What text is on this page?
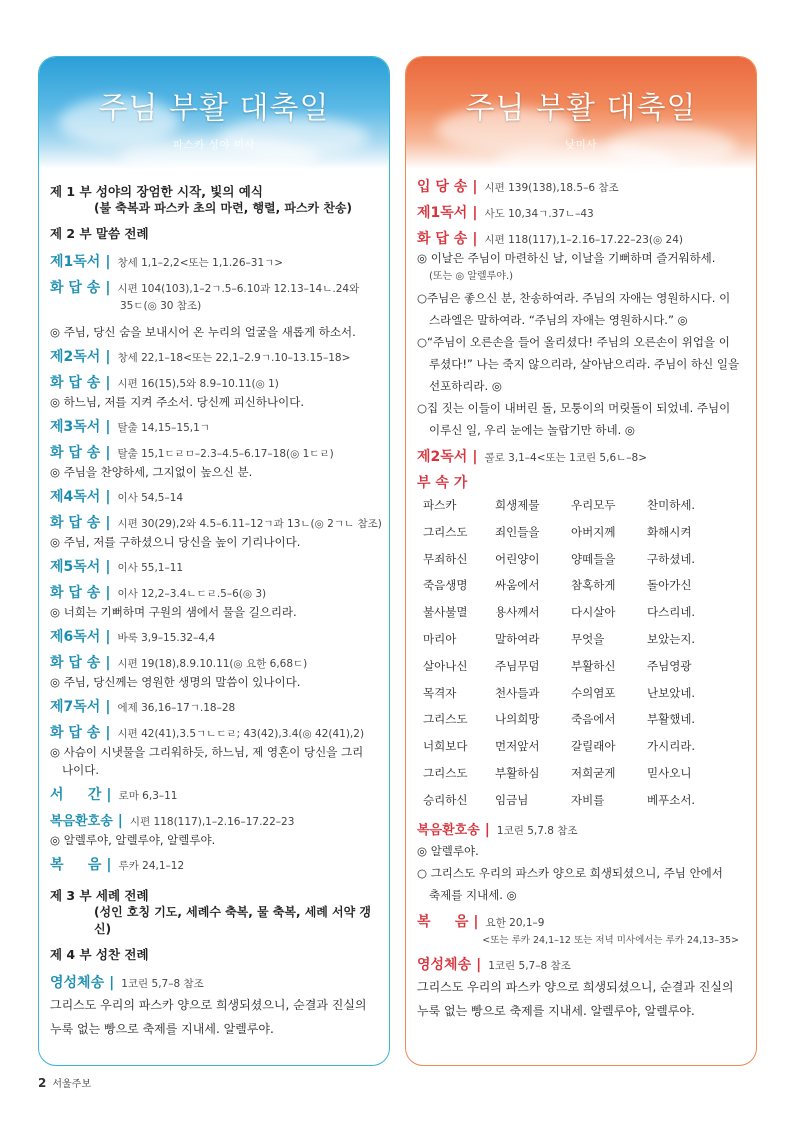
주님 부활 대축일
파스카 성야 미사
제 1 부 성야의 장엄한 시작, 빛의 예식
(불 축복과 파스카 초의 마련, 행렬, 파스카 찬송)
제 2 부 말씀 전례
제1독서 | 창세 1,1–2,2<또는 1,1.26–31ㄱ>
화 답 송 | 시편 104(103),1–2ㄱ.5–6.10과 12.13–14ㄴ.24와
35ㄷ(◎ 30 참조)
◎ 주님, 당신 숨을 보내시어 온 누리의 얼굴을 새롭게 하소서.
제2독서 | 창세 22,1–18<또는 22,1–2.9ㄱ.10–13.15–18>
화 답 송 | 시편 16(15),5와 8.9–10.11(◎ 1)
◎ 하느님, 저를 지켜 주소서. 당신께 피신하나이다.
제3독서 | 탈출 14,15–15,1ㄱ
화 답 송 | 탈출 15,1ㄷㄹㅁ–2.3–4.5–6.17–18(◎ 1ㄷㄹ)
◎ 주님을 찬양하세, 그지없이 높으신 분.
제4독서 | 이사 54,5–14
화 답 송 | 시편 30(29),2와 4.5–6.11–12ㄱ과 13ㄴ(◎ 2ㄱㄴ 참조)
◎ 주님, 저를 구하셨으니 당신을 높이 기리나이다.
제5독서 | 이사 55,1–11
화 답 송 | 이사 12,2–3.4ㄴㄷㄹ.5–6(◎ 3)
◎ 너희는 기뻐하며 구원의 샘에서 물을 길으리라.
제6독서 | 바룩 3,9–15.32–4,4
화 답 송 | 시편 19(18),8.9.10.11(◎ 요한 6,68ㄷ)
◎ 주님, 당신께는 영원한 생명의 말씀이 있나이다.
제7독서 | 에제 36,16–17ㄱ.18–28
화 답 송 | 시편 42(41),3.5ㄱㄴㄷㄹ; 43(42),3.4(◎ 42(41),2)
◎ 사슴이 시냇물을 그리워하듯, 하느님, 제 영혼이 당신을 그리
나이다.
서     간 | 로마 6,3–11
복음환호송 | 시편 118(117),1–2.16–17.22–23
◎ 알렐루야, 알렐루야, 알렐루야.
복     음 | 루카 24,1–12
제 3 부 세례 전례
(성인 호칭 기도, 세례수 축복, 물 축복, 세례 서약 갱신)
제 4 부 성찬 전례
영성체송 | 1코린 5,7–8 참조
그리스도 우리의 파스카 양으로 희생되셨으니, 순결과 진실의
누룩 없는 빵으로 축제를 지내세. 알렐루야.
주님 부활 대축일
낮미사
입 당 송 | 시편 139(138),18.5–6 참조
제1독서 | 사도 10,34ㄱ.37ㄴ–43
화 답 송 | 시편 118(117),1–2.16–17.22–23(◎ 24)
◎ 이날은 주님이 마련하신 날, 이날을 기뻐하며 즐거워하세.
(또는 ◎ 알렐루야.)
○주님은 좋으신 분, 찬송하여라. 주님의 자애는 영원하시다. 이
스라엘은 말하여라. “주님의 자애는 영원하시다.” ◎
○“주님이 오른손을 들어 올리셨다! 주님의 오른손이 위업을 이
루셨다!” 나는 죽지 않으리라, 살아남으리라. 주님이 하신 일을
선포하리라. ◎
○집 짓는 이들이 내버린 돌, 모퉁이의 머릿돌이 되었네. 주님이
이루신 일, 우리 눈에는 놀랍기만 하네. ◎
제2독서 | 콜로 3,1–4<또는 1코린 5,6ㄴ–8>
부 속 가
파스카	희생제물	우리모두	찬미하세.
그리스도	죄인들을	아버지께	화해시켜
무죄하신	어린양이	양떼들을	구하셨네.
죽음생명	싸움에서	참혹하게	돌아가신
불사불멸	용사께서	다시살아	다스리네.
마리아	말하여라	무엇을	보았는지.
살아나신	주님무덤	부활하신	주님영광
목격자	천사들과	수의염포	난보았네.
그리스도	나의희망	죽음에서	부활했네.
너희보다	먼저앞서	갈릴래아	가시리라.
그리스도	부활하심	저희굳게	믿사오니
승리하신	임금님	자비를	베푸소서.
복음환호송 | 1코린 5,7.8 참조
◎ 알렐루야.
○ 그리스도 우리의 파스카 양으로 희생되셨으니, 주님 안에서
축제를 지내세. ◎
복     음 | 요한 20,1–9
<또는 루카 24,1–12 또는 저녁 미사에서는 루카 24,13–35>
영성체송 | 1코린 5,7–8 참조
그리스도 우리의 파스카 양으로 희생되셨으니, 순결과 진실의
누룩 없는 빵으로 축제를 지내세. 알렐루야, 알렐루야.
2 서울주보
